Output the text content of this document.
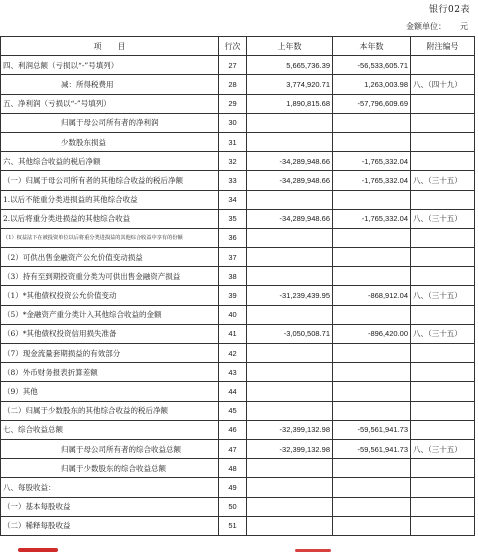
银行02表
金额单位： 元
项　　目	行次	上年数	本年数	附注编号
四、利润总额（亏损以“-”号填列）	27	5,665,736.39	-56,533,605.71	
减：所得税费用	28	3,774,920.71	1,263,003.98	八、（四十九）
五、净利润（亏损以“-”号填列）	29	1,890,815.68	-57,796,609.69	
归属于母公司所有者的净利润	30			
少数股东损益	31			
六、其他综合收益的税后净额	32	-34,289,948.66	-1,765,332.04	
（一）归属于母公司所有者的其他综合收益的税后净额	33	-34,289,948.66	-1,765,332.04	八、（三十五）
1.以后不能重分类进损益的其他综合收益	34			
2.以后将重分类进损益的其他综合收益	35	-34,289,948.66	-1,765,332.04	八、（三十五）
（1）权益法下在被投资单位以后将重分类进损益的其他综合收益中享有的份额	36			
（2）可供出售金融资产公允价值变动损益	37			
（3）持有至到期投资重分类为可供出售金融资产损益	38			
（1）*其他债权投资公允价值变动	39	-31,239,439.95	-868,912.04	八、（三十五）
（5）*金融资产重分类计入其他综合收益的金额	40			
（6）*其他债权投资信用损失准备	41	-3,050,508.71	-896,420.00	八、（三十五）
（7）现金流量套期损益的有效部分	42			
（8）外币财务报表折算差额	43			
（9）其他	44			
（二）归属于少数股东的其他综合收益的税后净额	45			
七、综合收益总额	46	-32,399,132.98	-59,561,941.73	
归属于母公司所有者的综合收益总额	47	-32,399,132.98	-59,561,941.73	八、（三十五）
归属于少数股东的综合收益总额	48			
八、每股收益：	49			
（一）基本每股收益	50			
（二）稀释每股收益	51			
